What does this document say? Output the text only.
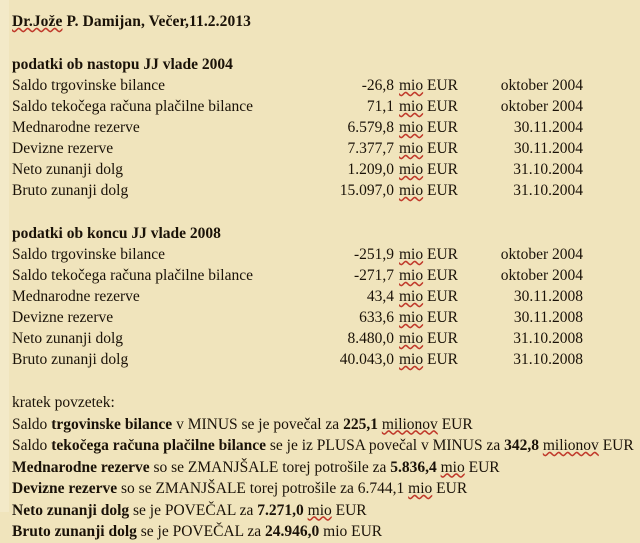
Dr.Jože P. Damijan, Večer,11.2.2013
podatki ob nastopu JJ vlade 2004
Saldo trgovinske bilance	-26,8	mio EUR	oktober 2004
Saldo tekočega računa plačilne bilance	71,1	mio EUR	oktober 2004
Mednarodne rezerve	6.579,8	mio EUR	30.11.2004
Devizne rezerve	7.377,7	mio EUR	30.11.2004
Neto zunanji dolg	1.209,0	mio EUR	31.10.2004
Bruto zunanji dolg	15.097,0	mio EUR	31.10.2004
podatki ob koncu JJ vlade 2008
Saldo trgovinske bilance	-251,9	mio EUR	oktober 2004
Saldo tekočega računa plačilne bilance	-271,7	mio EUR	oktober 2004
Mednarodne rezerve	43,4	mio EUR	30.11.2008
Devizne rezerve	633,6	mio EUR	30.11.2008
Neto zunanji dolg	8.480,0	mio EUR	31.10.2008
Bruto zunanji dolg	40.043,0	mio EUR	31.10.2008
kratek povzetek:
Saldo trgovinske bilance v MINUS se je povečal za 225,1 milionov EUR
Saldo tekočega računa plačilne bilance se je iz PLUSA povečal v MINUS za 342,8 milionov EUR
Mednarodne rezerve so se ZMANJŠALE torej potrošile za 5.836,4 mio EUR
Devizne rezerve so se ZMANJŠALE torej potrošile za 6.744,1 mio EUR
Neto zunanji dolg se je POVEČAL za 7.271,0 mio EUR
Bruto zunanji dolg se je POVEČAL za 24.946,0 mio EUR
